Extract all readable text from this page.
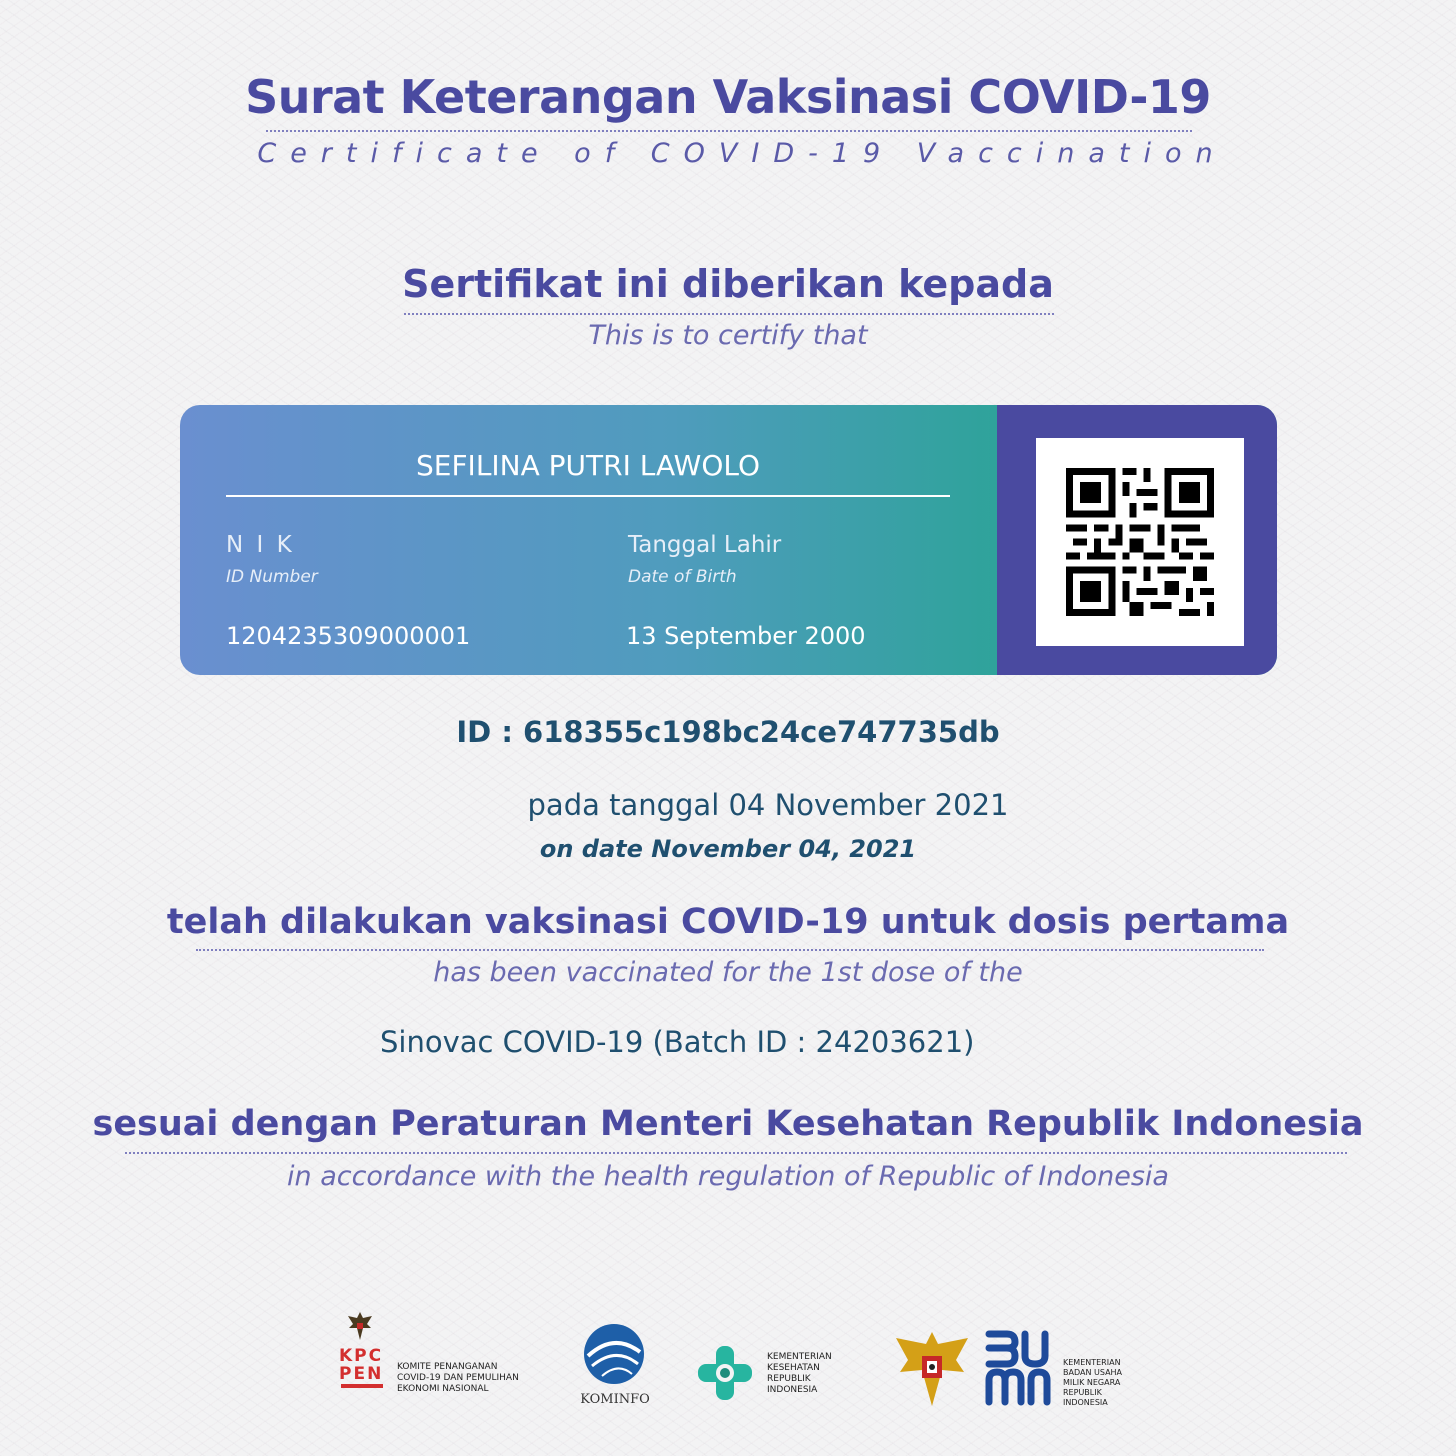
Surat Keterangan Vaksinasi COVID-19
Certificate of COVID-19 Vaccination
Sertifikat ini diberikan kepada
This is to certify that
SEFILINA PUTRI LAWOLO
N I K
ID Number
1204235309000001
Tanggal Lahir
Date of Birth
13 September 2000
ID : 618355c198bc24ce747735db
pada tanggal 04 November 2021
on date November 04, 2021
telah dilakukan vaksinasi COVID-19 untuk dosis pertama
has been vaccinated for the 1st dose of the
Sinovac COVID-19 (Batch ID : 24203621)
sesuai dengan Peraturan Menteri Kesehatan Republik Indonesia
in accordance with the health regulation of Republic of Indonesia
KPC
PEN KOMITE PENANGANAN
COVID-19 DAN PEMULIHAN
EKONOMI NASIONAL
KOMINFO
KEMENTERIAN
KESEHATAN
REPUBLIK
INDONESIA
KEMENTERIAN
BADAN USAHA
MILIK NEGARA
REPUBLIK
INDONESIA
